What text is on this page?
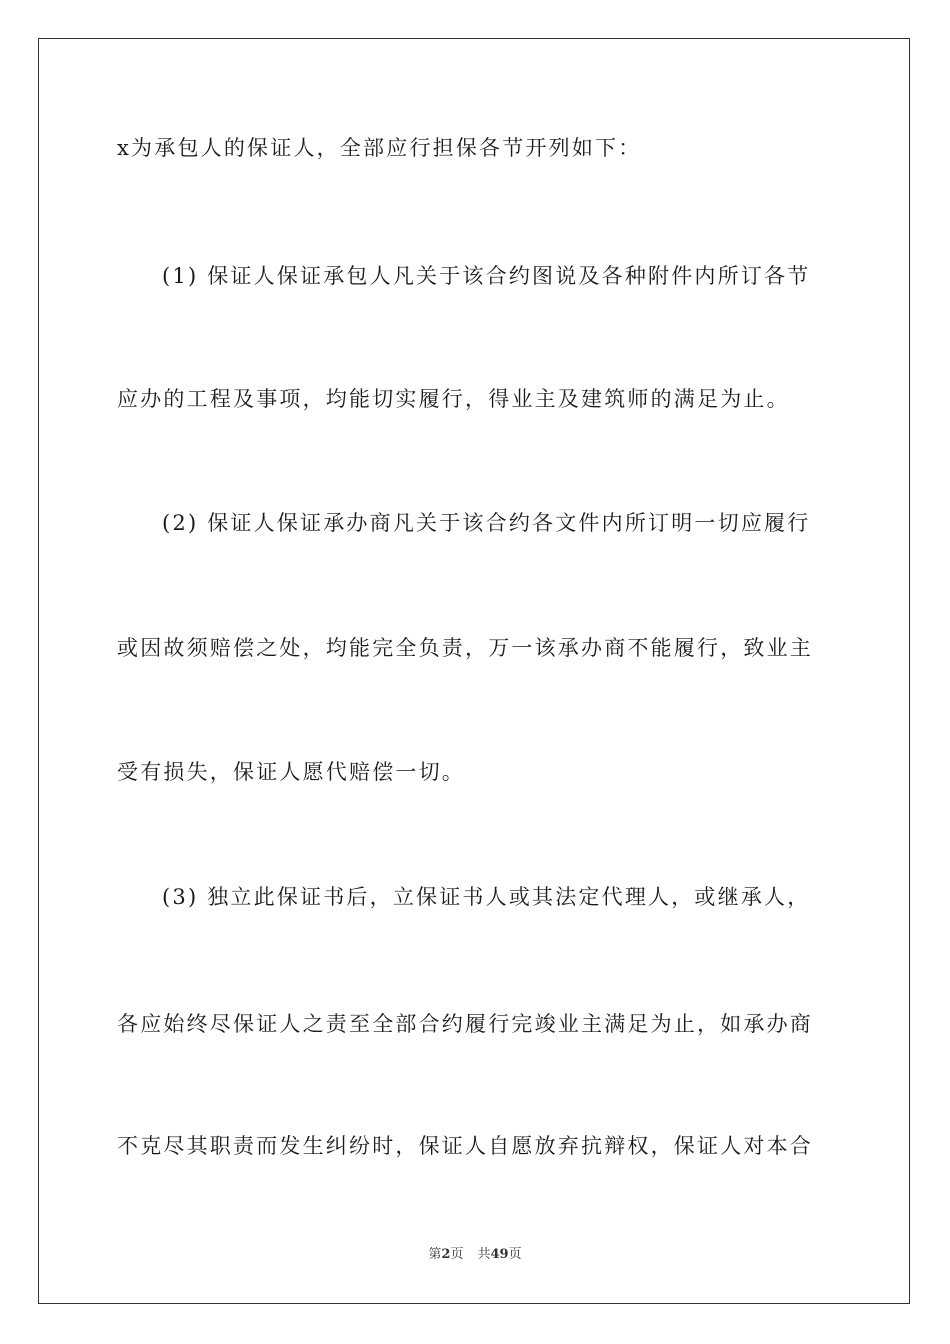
x为承包人的保证人，全部应行担保各节开列如下：
(1) 保证人保证承包人凡关于该合约图说及各种附件内所订各节
应办的工程及事项，均能切实履行，得业主及建筑师的满足为止。
(2) 保证人保证承办商凡关于该合约各文件内所订明一切应履行
或因故须赔偿之处，均能完全负责，万一该承办商不能履行，致业主
受有损失，保证人愿代赔偿一切。
(3) 独立此保证书后，立保证书人或其法定代理人，或继承人，
各应始终尽保证人之责至全部合约履行完竣业主满足为止，如承办商
不克尽其职责而发生纠纷时，保证人自愿放弃抗辩权，保证人对本合
第2页 共49页
